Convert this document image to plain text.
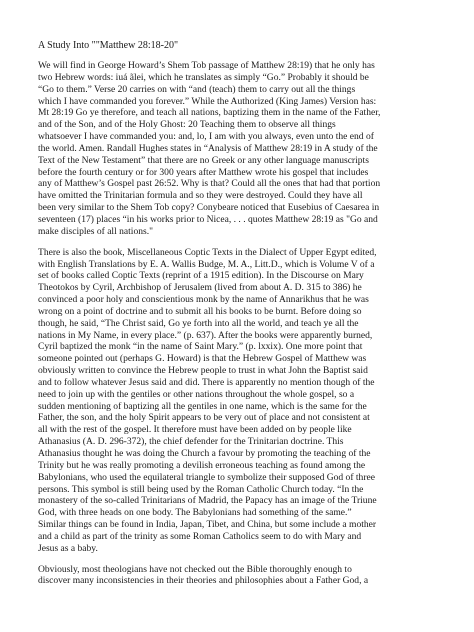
A Study Into ""Matthew 28:18-20"

We will find in George Howard’s Shem Tob passage of Matthew 28:19) that he only has
two Hebrew words: iuá ãlei, which he translates as simply “Go.” Probably it should be
“Go to them.” Verse 20 carries on with “and (teach) them to carry out all the things
which I have commanded you forever.” While the Authorized (King James) Version has:
Mt 28:19 Go ye therefore, and teach all nations, baptizing them in the name of the Father,
and of the Son, and of the Holy Ghost: 20 Teaching them to observe all things
whatsoever I have commanded you: and, lo, I am with you always, even unto the end of
the world. Amen. Randall Hughes states in “Analysis of Matthew 28:19 in A study of the
Text of the New Testament” that there are no Greek or any other language manuscripts
before the fourth century or for 300 years after Matthew wrote his gospel that includes
any of Matthew’s Gospel past 26:52. Why is that? Could all the ones that had that portion
have omitted the Trinitarian formula and so they were destroyed. Could they have all
been very similar to the Shem Tob copy? Conybeare noticed that Eusebius of Caesarea in
seventeen (17) places “in his works prior to Nicea, . . . quotes Matthew 28:19 as "Go and
make disciples of all nations."

There is also the book, Miscellaneous Coptic Texts in the Dialect of Upper Egypt edited,
with English Translations by E. A. Wallis Budge, M. A., Litt.D., which is Volume V of a
set of books called Coptic Texts (reprint of a 1915 edition). In the Discourse on Mary
Theotokos by Cyril, Archbishop of Jerusalem (lived from about A. D. 315 to 386) he
convinced a poor holy and conscientious monk by the name of Annarikhus that he was
wrong on a point of doctrine and to submit all his books to be burnt. Before doing so
though, he said, “The Christ said, Go ye forth into all the world, and teach ye all the
nations in My Name, in every place.” (p. 637). After the books were apparently burned,
Cyril baptized the monk “in the name of Saint Mary.” (p. lxxix). One more point that
someone pointed out (perhaps G. Howard) is that the Hebrew Gospel of Matthew was
obviously written to convince the Hebrew people to trust in what John the Baptist said
and to follow whatever Jesus said and did. There is apparently no mention though of the
need to join up with the gentiles or other nations throughout the whole gospel, so a
sudden mentioning of baptizing all the gentiles in one name, which is the same for the
Father, the son, and the holy Spirit appears to be very out of place and not consistent at
all with the rest of the gospel. It therefore must have been added on by people like
Athanasius (A. D. 296-372), the chief defender for the Trinitarian doctrine. This
Athanasius thought he was doing the Church a favour by promoting the teaching of the
Trinity but he was really promoting a devilish erroneous teaching as found among the
Babylonians, who used the equilateral triangle to symbolize their supposed God of three
persons. This symbol is still being used by the Roman Catholic Church today. “In the
monastery of the so-called Trinitarians of Madrid, the Papacy has an image of the Triune
God, with three heads on one body. The Babylonians had something of the same.”
Similar things can be found in India, Japan, Tibet, and China, but some include a mother
and a child as part of the trinity as some Roman Catholics seem to do with Mary and
Jesus as a baby.

Obviously, most theologians have not checked out the Bible thoroughly enough to
discover many inconsistencies in their theories and philosophies about a Father God, a
